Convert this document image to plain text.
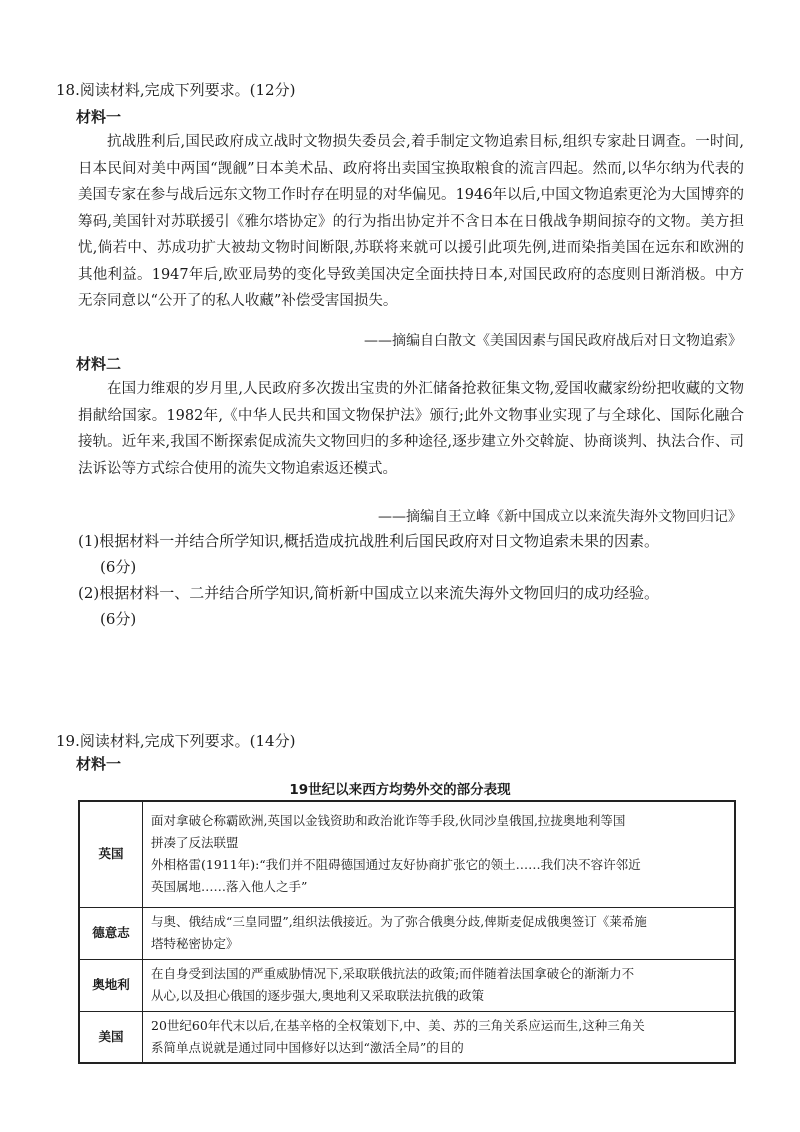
18.阅读材料,完成下列要求。(12分)
材料一

抗战胜利后,国民政府成立战时文物损失委员会,着手制定文物追索目标,组织专家赴日调查。一时间,日本民间对美中两国“觊觎”日本美术品、政府将出卖国宝换取粮食的流言四起。然而,以华尔纳为代表的美国专家在参与战后远东文物工作时存在明显的对华偏见。1946年以后,中国文物追索更沦为大国博弈的筹码,美国针对苏联援引《雅尔塔协定》的行为指出协定并不含日本在日俄战争期间掠夺的文物。美方担忧,倘若中、苏成功扩大被劫文物时间断限,苏联将来就可以援引此项先例,进而染指美国在远东和欧洲的其他利益。1947年后,欧亚局势的变化导致美国决定全面扶持日本,对国民政府的态度则日渐消极。中方无奈同意以“公开了的私人收藏”补偿受害国损失。

——摘编自白散文《美国因素与国民政府战后对日文物追索》
材料二

在国力维艰的岁月里,人民政府多次拨出宝贵的外汇储备抢救征集文物,爱国收藏家纷纷把收藏的文物捐献给国家。1982年,《中华人民共和国文物保护法》颁行;此外文物事业实现了与全球化、国际化融合接轨。近年来,我国不断探索促成流失文物回归的多种途径,逐步建立外交斡旋、协商谈判、执法合作、司法诉讼等方式综合使用的流失文物追索返还模式。

——摘编自王立峰《新中国成立以来流失海外文物回归记》
(1)根据材料一并结合所学知识,概括造成抗战胜利后国民政府对日文物追索未果的因素。
(6分)
(2)根据材料一、二并结合所学知识,简析新中国成立以来流失海外文物回归的成功经验。
(6分)
19.阅读材料,完成下列要求。(14分)
材料一
19世纪以来西方均势外交的部分表现
英国	面对拿破仑称霸欧洲,英国以金钱资助和政治讹诈等手段,伙同沙皇俄国,拉拢奥地利等国
拼凑了反法联盟
外相格雷(1911年):“我们并不阻碍德国通过友好协商扩张它的领土……我们决不容许邻近
英国属地……落入他人之手”

德意志	与奥、俄结成“三皇同盟”,组织法俄接近。为了弥合俄奥分歧,俾斯麦促成俄奥签订《莱希施
塔特秘密协定》

奥地利	在自身受到法国的严重威胁情况下,采取联俄抗法的政策;而伴随着法国拿破仑的渐渐力不
从心,以及担心俄国的逐步强大,奥地利又采取联法抗俄的政策

美国	20世纪60年代末以后,在基辛格的全权策划下,中、美、苏的三角关系应运而生,这种三角关
系简单点说就是通过同中国修好以达到“激活全局”的目的
